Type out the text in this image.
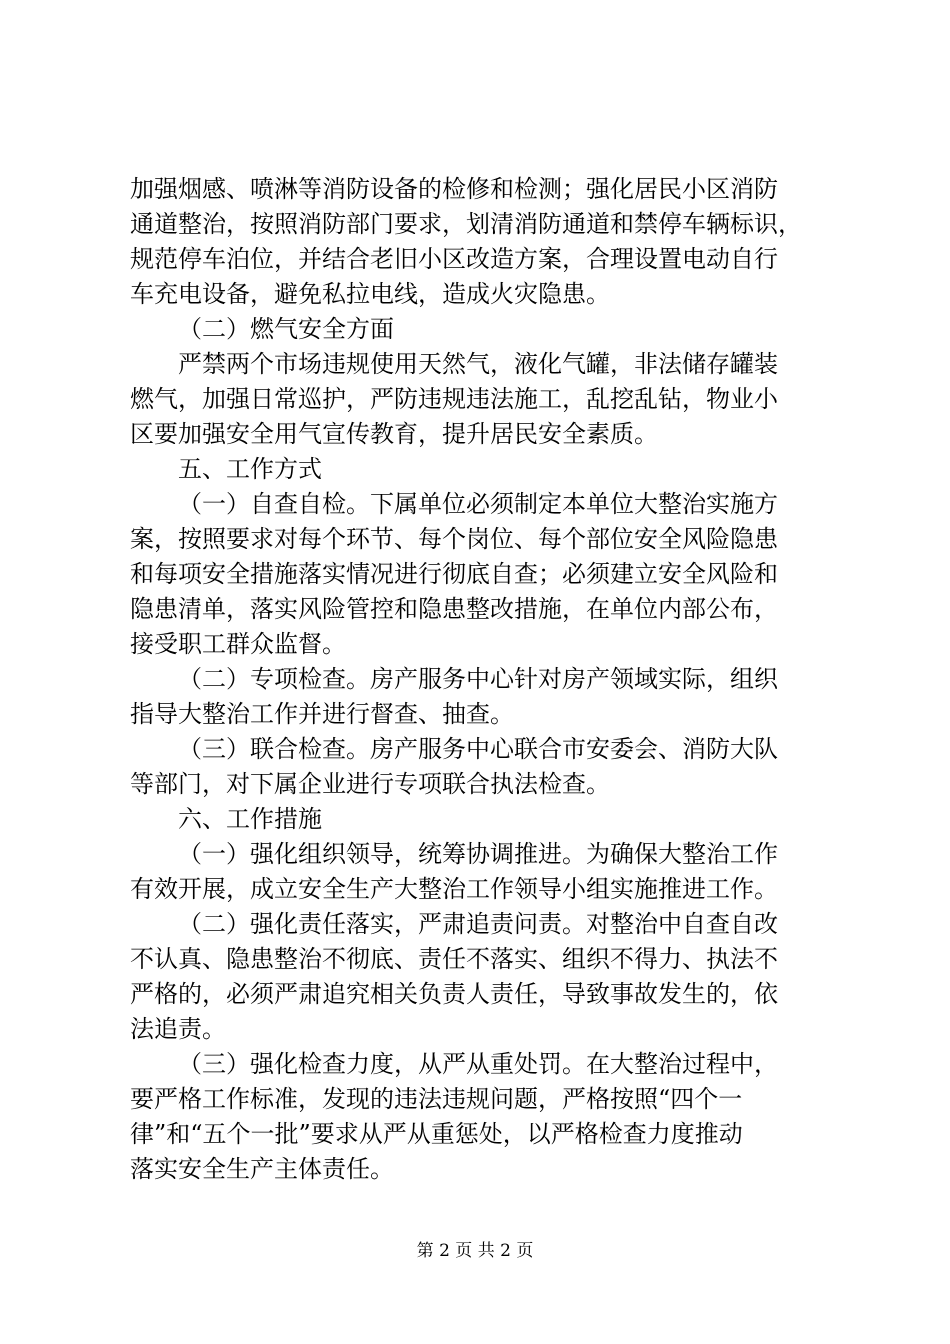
加强烟感、喷淋等消防设备的检修和检测；强化居民小区消防
通道整治，按照消防部门要求，划清消防通道和禁停车辆标识，
规范停车泊位，并结合老旧小区改造方案，合理设置电动自行
车充电设备，避免私拉电线，造成火灾隐患。
（二）燃气安全方面
严禁两个市场违规使用天然气，液化气罐，非法储存罐装
燃气，加强日常巡护，严防违规违法施工，乱挖乱钻，物业小
区要加强安全用气宣传教育，提升居民安全素质。
五、工作方式
（一）自查自检。下属单位必须制定本单位大整治实施方
案，按照要求对每个环节、每个岗位、每个部位安全风险隐患
和每项安全措施落实情况进行彻底自查；必须建立安全风险和
隐患清单，落实风险管控和隐患整改措施，在单位内部公布，
接受职工群众监督。
（二）专项检查。房产服务中心针对房产领域实际，组织
指导大整治工作并进行督查、抽查。
（三）联合检查。房产服务中心联合市安委会、消防大队
等部门，对下属企业进行专项联合执法检查。
六、工作措施
（一）强化组织领导，统筹协调推进。为确保大整治工作
有效开展，成立安全生产大整治工作领导小组实施推进工作。
（二）强化责任落实，严肃追责问责。对整治中自查自改
不认真、隐患整治不彻底、责任不落实、组织不得力、执法不
严格的，必须严肃追究相关负责人责任，导致事故发生的，依
法追责。
（三）强化检查力度，从严从重处罚。在大整治过程中，
要严格工作标准，发现的违法违规问题，严格按照“四个一
律”和“五个一批”要求从严从重惩处，以严格检查力度推动
落实安全生产主体责任。
第 2 页 共 2 页
